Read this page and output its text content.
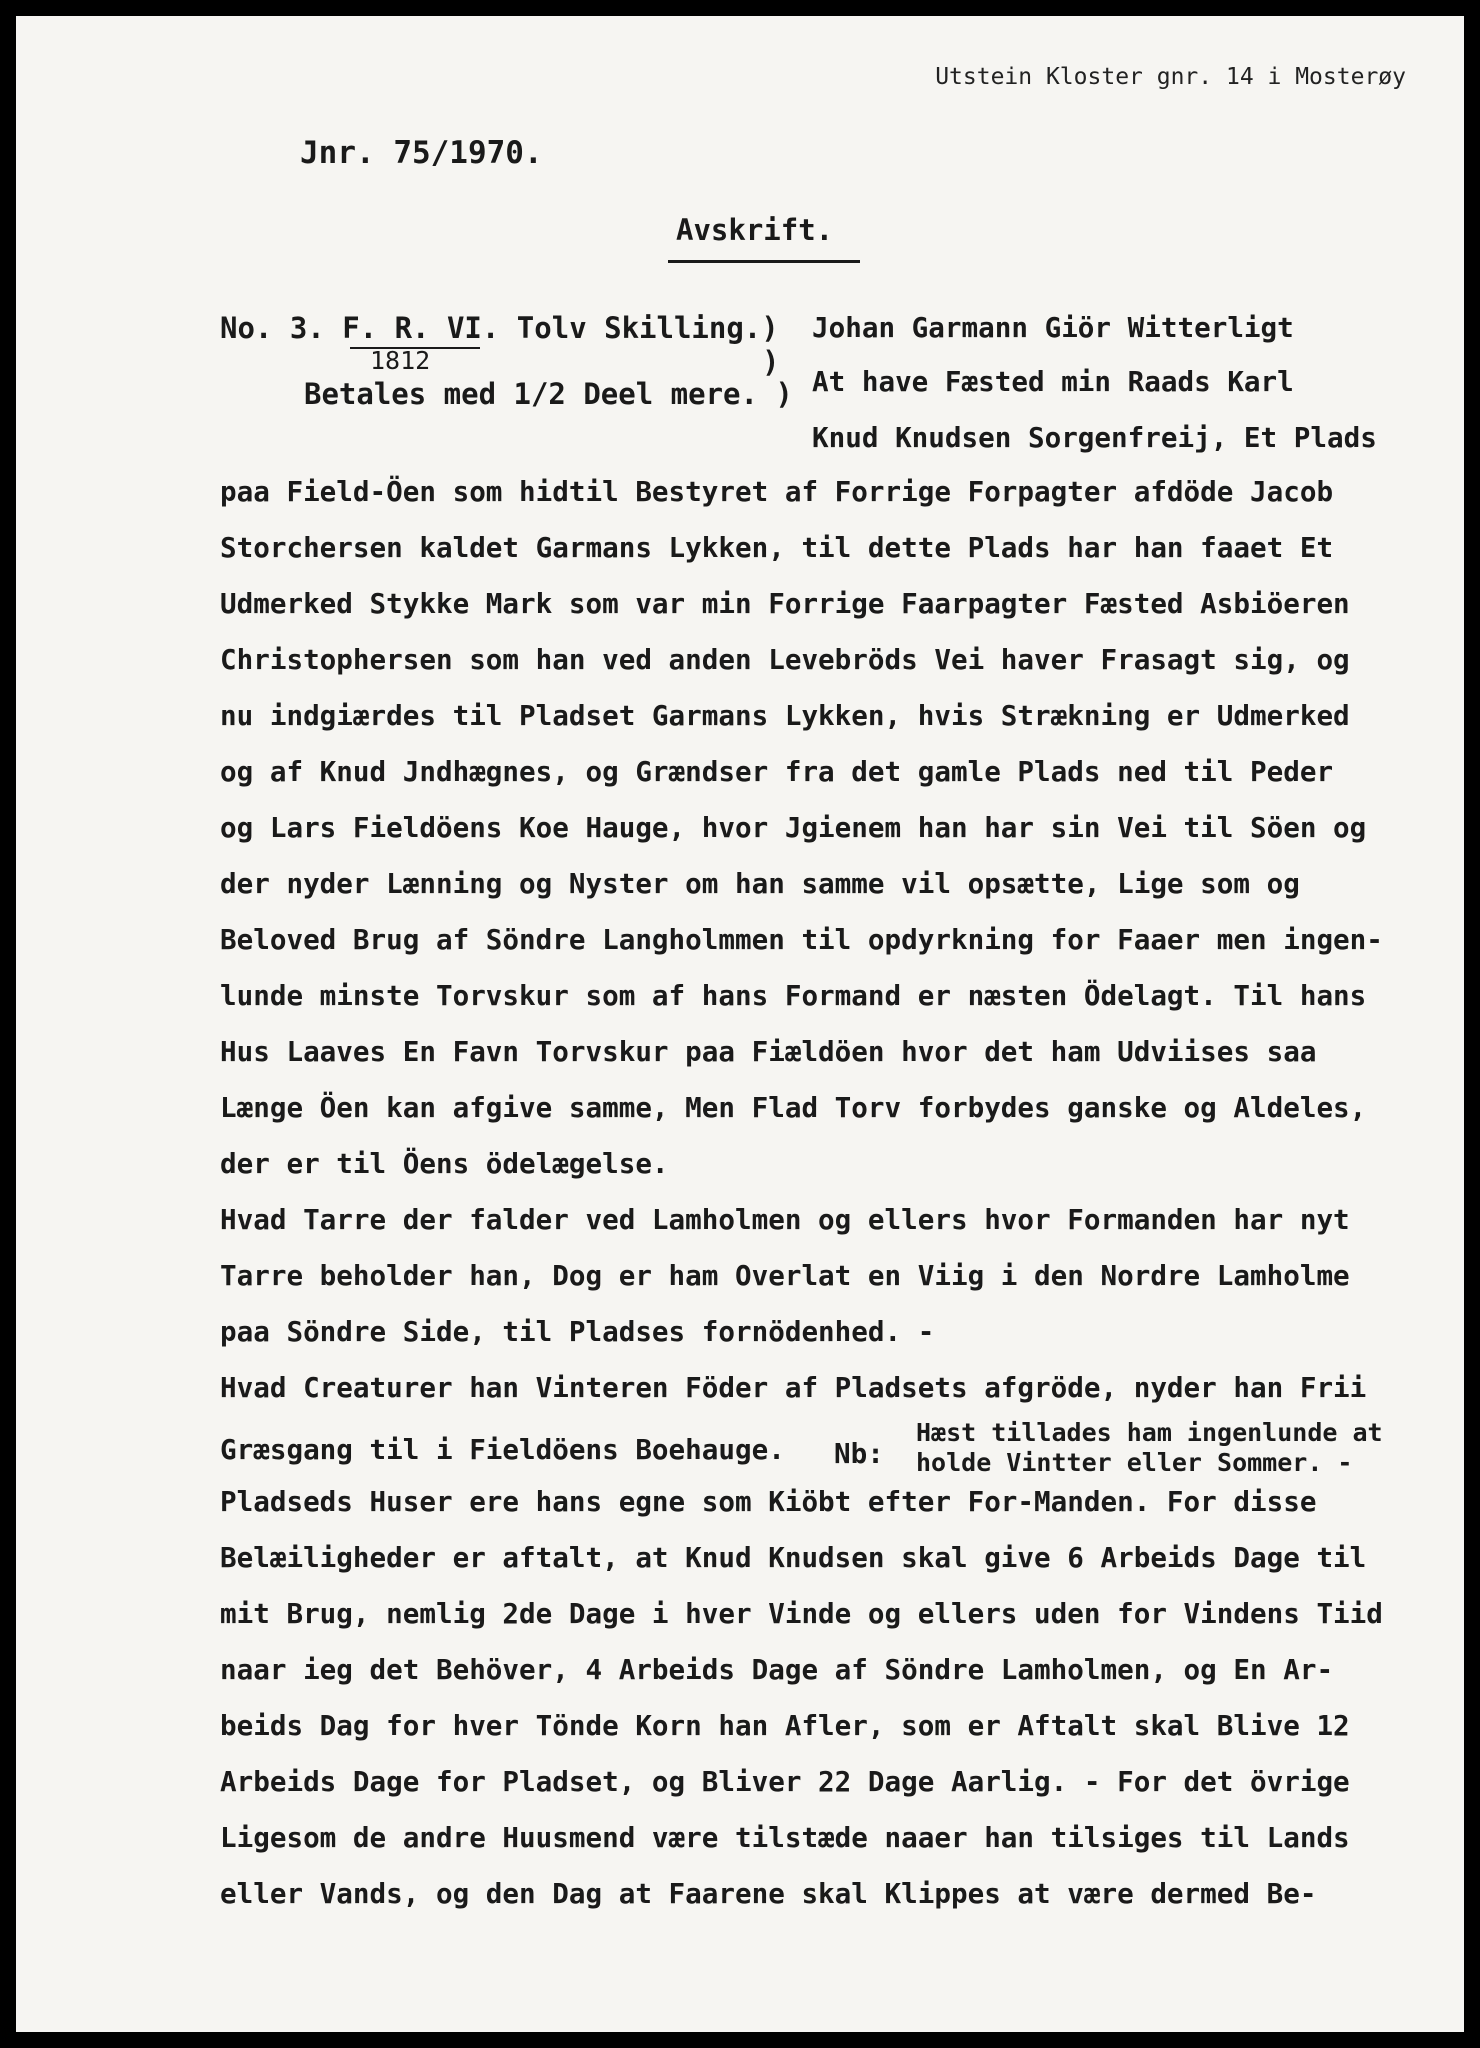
Utstein Kloster gnr. 14 i Mosterøy
Jnr. 75/1970.
Avskrift.
No. 3. F. R. VI. Tolv Skilling.)
1812	)
Betales med 1/2 Deel mere. )
Johan Garmann Giör Witterligt
At have Fæsted min Raads Karl
Knud Knudsen Sorgenfreij, Et Plads
paa Field-Öen som hidtil Bestyret af Forrige Forpagter afdöde Jacob
Storchersen kaldet Garmans Lykken, til dette Plads har han faaet Et
Udmerked Stykke Mark som var min Forrige Faarpagter Fæsted Asbiöeren
Christophersen som han ved anden Levebröds Vei haver Frasagt sig, og
nu indgiærdes til Pladset Garmans Lykken, hvis Strækning er Udmerked
og af Knud Jndhægnes, og Grændser fra det gamle Plads ned til Peder
og Lars Fieldöens Koe Hauge, hvor Jgienem han har sin Vei til Söen og
der nyder Lænning og Nyster om han samme vil opsætte, Lige som og
Beloved Brug af Söndre Langholmmen til opdyrkning for Faaer men ingen-
lunde minste Torvskur som af hans Formand er næsten Ödelagt. Til hans
Hus Laaves En Favn Torvskur paa Fiældöen hvor det ham Udviises saa
Længe Öen kan afgive samme, Men Flad Torv forbydes ganske og Aldeles,
der er til Öens ödelægelse.
Hvad Tarre der falder ved Lamholmen og ellers hvor Formanden har nyt
Tarre beholder han, Dog er ham Overlat en Viig i den Nordre Lamholme
paa Söndre Side, til Pladses fornödenhed. -
Hvad Creaturer han Vinteren Föder af Pladsets afgröde, nyder han Frii
Græsgang til i Fieldöens Boehauge.
Pladseds Huser ere hans egne som Kiöbt efter For-Manden. For disse
Belæiligheder er aftalt, at Knud Knudsen skal give 6 Arbeids Dage til
mit Brug, nemlig 2de Dage i hver Vinde og ellers uden for Vindens Tiid
naar ieg det Behöver, 4 Arbeids Dage af Söndre Lamholmen, og En Ar-
beids Dag for hver Tönde Korn han Afler, som er Aftalt skal Blive 12
Arbeids Dage for Pladset, og Bliver 22 Dage Aarlig. - For det övrige
Ligesom de andre Huusmend være tilstæde naaer han tilsiges til Lands
eller Vands, og den Dag at Faarene skal Klippes at være dermed Be-
Nb:
Hæst tillades ham ingenlunde at
holde Vintter eller Sommer. -
